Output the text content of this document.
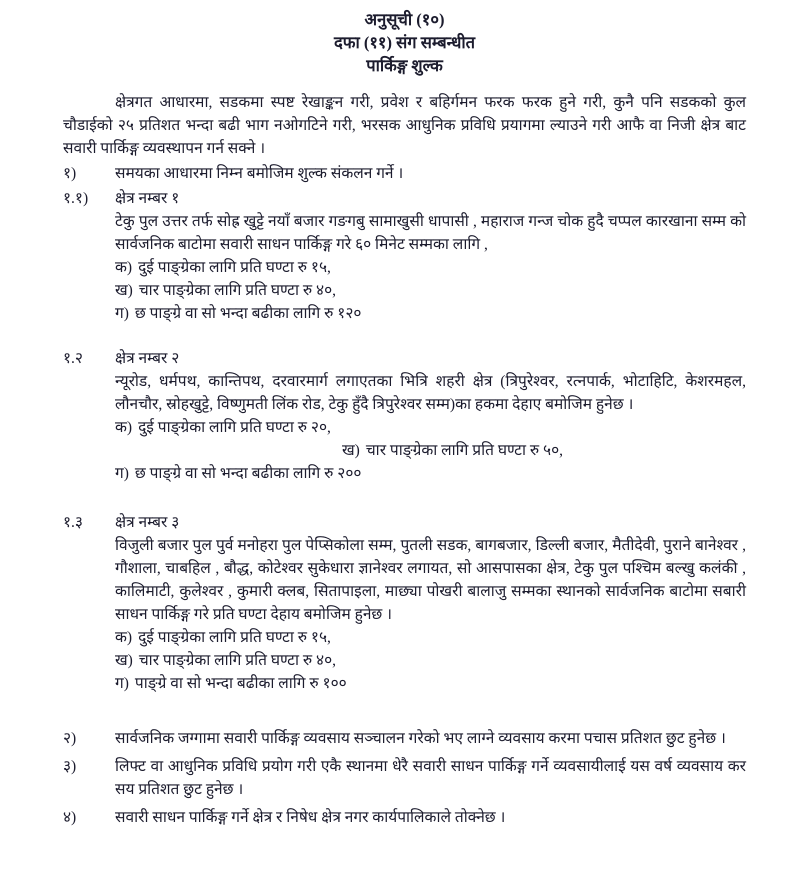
अनुसूची (१०)
दफा (११) संग सम्बन्धीत
पार्किङ्ग शुल्क

क्षेत्रगत आधारमा, सडकमा स्पष्ट रेखाङ्कन गरी, प्रवेश र बहिर्गमन फरक फरक हुने गरी, कुनै पनि सडकको कुल चौडाईको २५ प्रतिशत भन्दा बढी भाग नओगटिने गरी, भरसक आधुनिक प्रविधि प्रयागमा ल्याउने गरी आफै वा निजी क्षेत्र बाट सवारी पार्किङ्ग व्यवस्थापन गर्न सक्ने ।

१)	समयका आधारमा निम्न बमोजिम शुल्क संकलन गर्ने ।
१.१)	क्षेत्र नम्बर १
टेकु पुल उत्तर तर्फ सोह्र खुट्टे नयाँ बजार गङगबु सामाखुसी धापासी , महाराज गन्ज चोक हुदै चप्पल कारखाना सम्म को सार्वजनिक बाटोमा सवारी साधन पार्किङ्ग गरे ६० मिनेट सम्मका लागि ,
क) दुई पाङ्ग्रेका लागि प्रति घण्टा रु १५,
ख) चार पाङ्ग्रेका लागि प्रति घण्टा रु ४०,
ग) छ पाङ्ग्रे वा सो भन्दा बढीका लागि रु १२०
१.२	क्षेत्र नम्बर २
न्यूरोड, धर्मपथ, कान्तिपथ, दरवारमार्ग लगाएतका भित्रि शहरी क्षेत्र (त्रिपुरेश्वर, रत्नपार्क, भोटाहिटि, केशरमहल, लौनचौर, स्रोहखुट्टे, विष्णुमती लिंक रोड, टेकु हुँदै त्रिपुरेश्वर सम्म)का हकमा देहाए बमोजिम हुनेछ ।
क) दुई पाङ्ग्रेका लागि प्रति घण्टा रु २०,
ख) चार पाङ्ग्रेका लागि प्रति घण्टा रु ५०,
ग) छ पाङ्ग्रे वा सो भन्दा बढीका लागि रु २००
१.३	क्षेत्र नम्बर ३
विजुली बजार पुल पुर्व मनोहरा पुल पेप्सिकोला सम्म, पुतली सडक, बागबजार, डिल्ली बजार, मैतीदेवी, पुराने बानेश्वर , गौशाला, चाबहिल , बौद्ध, कोटेश्वर सुकेधारा ज्ञानेश्वर लगायत, सो आसपासका क्षेत्र, टेकु पुल पश्चिम बल्खु कलंकी , कालिमाटी, कुलेश्वर , कुमारी क्लब, सितापाइला, माछ्या पोखरी बालाजु सम्मका स्थानको सार्वजनिक बाटोमा सबारी साधन पार्किङ्ग गरे प्रति घण्टा देहाय बमोजिम हुनेछ ।
क) दुई पाङ्ग्रेका लागि प्रति घण्टा रु १५,
ख) चार पाङ्ग्रेका लागि प्रति घण्टा रु ४०,
ग) पाङ्ग्रे वा सो भन्दा बढीका लागि रु १००
२)	सार्वजनिक जग्गामा सवारी पार्किङ्ग व्यवसाय सञ्चालन गरेको भए लाग्ने व्यवसाय करमा पचास प्रतिशत छुट हुनेछ ।
३)	लिफ्ट वा आधुनिक प्रविधि प्रयोग गरी एकै स्थानमा धेरै सवारी साधन पार्किङ्ग गर्ने व्यवसायीलाई यस वर्ष व्यवसाय कर सय प्रतिशत छुट हुनेछ ।
४)	सवारी साधन पार्किङ्ग गर्ने क्षेत्र र निषेध क्षेत्र नगर कार्यपालिकाले तोक्नेछ ।
